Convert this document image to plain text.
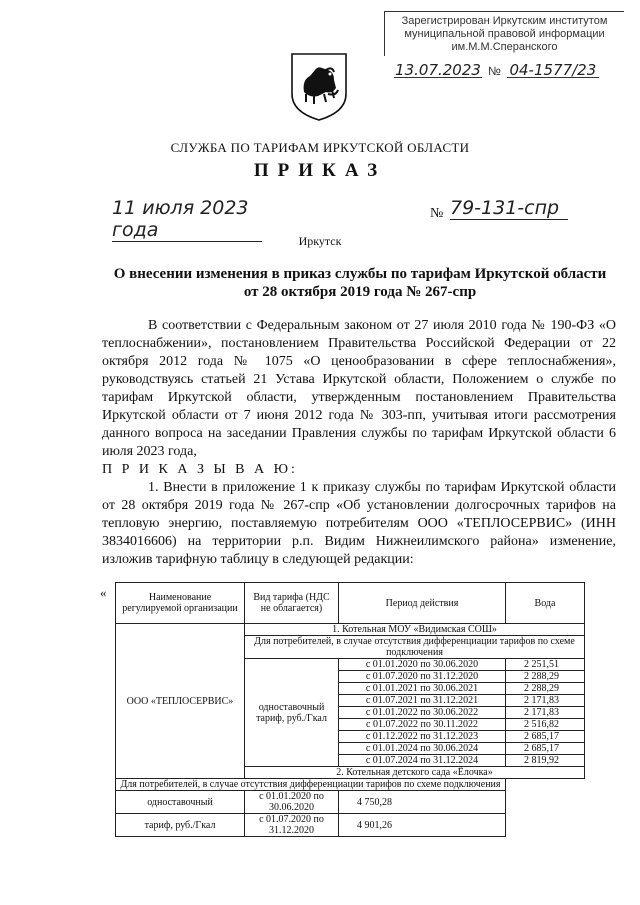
Зарегистрирован Иркутским институтом
муниципальной правовой информации
им.М.М.Сперанского
13.07.2023 № 04-1577/23
СЛУЖБА ПО ТАРИФАМ ИРКУТСКОЙ ОБЛАСТИ
ПРИКАЗ
11 июля 2023 года
№ 79-131-спр
Иркутск
О внесении изменения в приказ службы по тарифам Иркутской области
от 28 октября 2019 года № 267-спр
В соответствии с Федеральным законом от 27 июля 2010 года № 190-ФЗ «О теплоснабжении», постановлением Правительства Российской Федерации от 22 октября 2012 года № 1075 «О ценообразовании в сфере теплоснабжения», руководствуясь статьей 21 Устава Иркутской области, Положением о службе по тарифам Иркутской области, утвержденным постановлением Правительства Иркутской области от 7 июня 2012 года № 303-пп, учитывая итоги рассмотрения данного вопроса на заседании Правления службы по тарифам Иркутской области 6 июля 2023 года,
П Р И К А З Ы В А Ю:
1. Внести в приложение 1 к приказу службы по тарифам Иркутской области от 28 октября 2019 года № 267-спр «Об установлении долгосрочных тарифов на тепловую энергию, поставляемую потребителям ООО «ТЕПЛОСЕРВИС» (ИНН 3834016606) на территории р.п. Видим Нижнеилимского района» изменение, изложив тарифную таблицу в следующей редакции:
«	Наименование регулируемой организации	Вид тарифа (НДС не облагается)	Период действия	Вода
ООО «ТЕПЛОСЕРВИС»	1. Котельная МОУ «Видимская СОШ»		
	Для потребителей, в случае отсутствия дифференциации тарифов по схеме подключения		
	одноставочный тариф, руб./Гкал	с 01.01.2020 по 30.06.2020	2 251,51
		с 01.07.2020 по 31.12.2020	2 288,29
		с 01.01.2021 по 30.06.2021	2 288,29
		с 01.07.2021 по 31.12.2021	2 171,83
		с 01.01.2022 по 30.06.2022	2 171,83
		с 01.07.2022 по 30.11.2022	2 516,82
		с 01.12.2022 по 31.12.2023	2 685,17
		с 01.01.2024 по 30.06.2024	2 685,17
		с 01.07.2024 по 31.12.2024	2 819,92
	2. Котельная детского сада «Ёлочка»		
Для потребителей, в случае отсутствия дифференциации тарифов по схеме подключения			
одноставочный	с 01.01.2020 по 30.06.2020	4 750,28	
тариф, руб./Гкал	с 01.07.2020 по 31.12.2020	4 901,26	
